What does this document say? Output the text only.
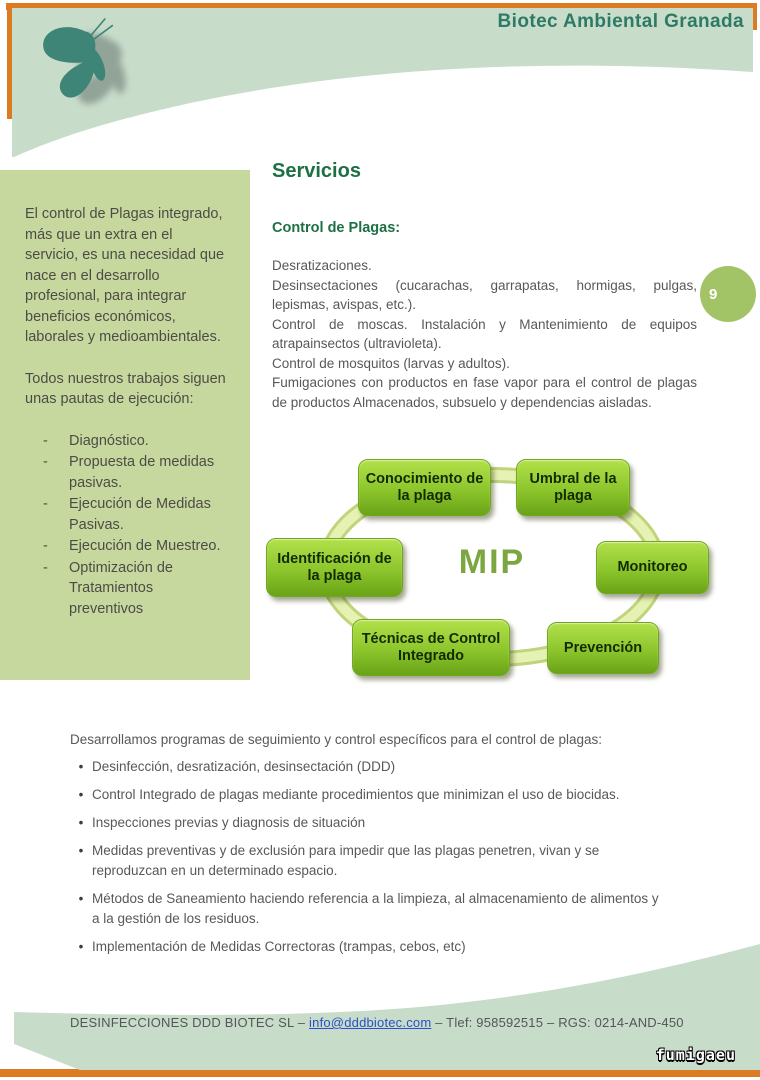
Biotec Ambiental Granada

El control de Plagas integrado, más que un extra en el servicio, es una necesidad que nace en el desarrollo profesional, para integrar beneficios económicos, laborales y medioambientales.

Todos nuestros trabajos siguen unas pautas de ejecución:

- Diagnóstico.
- Propuesta de medidas pasivas.
- Ejecución de Medidas Pasivas.
- Ejecución de Muestreo.
- Optimización de Tratamientos preventivos
9
Servicios
Control de Plagas:

Desratizaciones.

Desinsectaciones (cucarachas, garrapatas, hormigas, pulgas, lepismas, avispas, etc.).

Control de moscas. Instalación y Mantenimiento de equipos atrapainsectos (ultravioleta).

Control de mosquitos (larvas y adultos).

Fumigaciones con productos en fase vapor para el control de plagas de productos Almacenados, subsuelo y dependencias aisladas.

Conocimiento de la plaga
Umbral de la plaga
Identificación de la plaga
Monitoreo
Técnicas de Control Integrado	Prevención
MIP

Desarrollamos programas de seguimiento y control específicos para el control de plagas:

• Desinfección, desratización, desinsectación (DDD)
• Control Integrado de plagas mediante procedimientos que minimizan el uso de biocidas.
• Inspecciones previas y diagnosis de situación
• Medidas preventivas y de exclusión para impedir que las plagas penetren, vivan y se reproduzcan en un determinado espacio.
• Métodos de Saneamiento haciendo referencia a la limpieza, al almacenamiento de alimentos y a la gestión de los residuos.
• Implementación de Medidas Correctoras (trampas, cebos, etc)
DESINFECCIONES DDD BIOTEC SL – info@dddbiotec.com – Tlef: 958592515 – RGS: 0214-AND-450
fumigaeu
